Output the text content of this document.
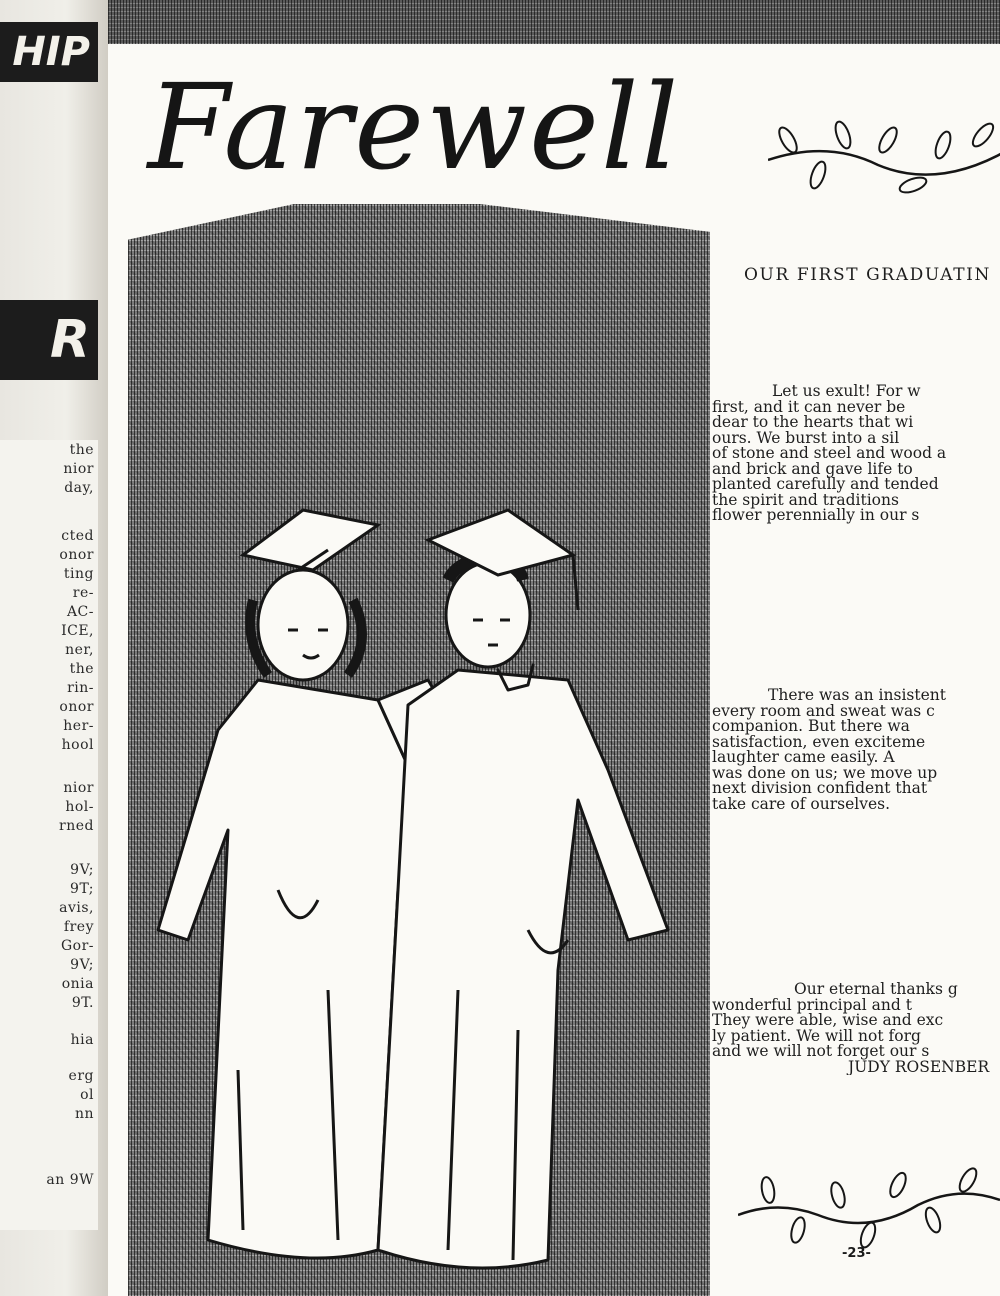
HIP
R
the
nior
day,
cted
onor
ting
re-
AC-
ICE,
ner,
the
rin-
onor
her-
hool
nior
hol-
rned
9V;
9T;
avis,
frey
Gor-
9V;
onia
9T.
hia
erg
ol
nn
an 9W
Farewell
OUR FIRST GRADUATIN
Let us exult! For w
first, and it can never be
dear to the hearts that wi
ours. We burst into a sil
of stone and steel and wood a
and brick and gave life to
planted carefully and tended
the spirit and traditions
flower perennially in our s
There was an insistent
every room and sweat was c
companion. But there wa
satisfaction, even exciteme
laughter came easily. A
was done on us; we move up
next division confident that
take care of ourselves.
Our eternal thanks g
wonderful principal and t
They were able, wise and exc
ly patient. We will not forg
and we will not forget our s
JUDY ROSENBER
-23-
